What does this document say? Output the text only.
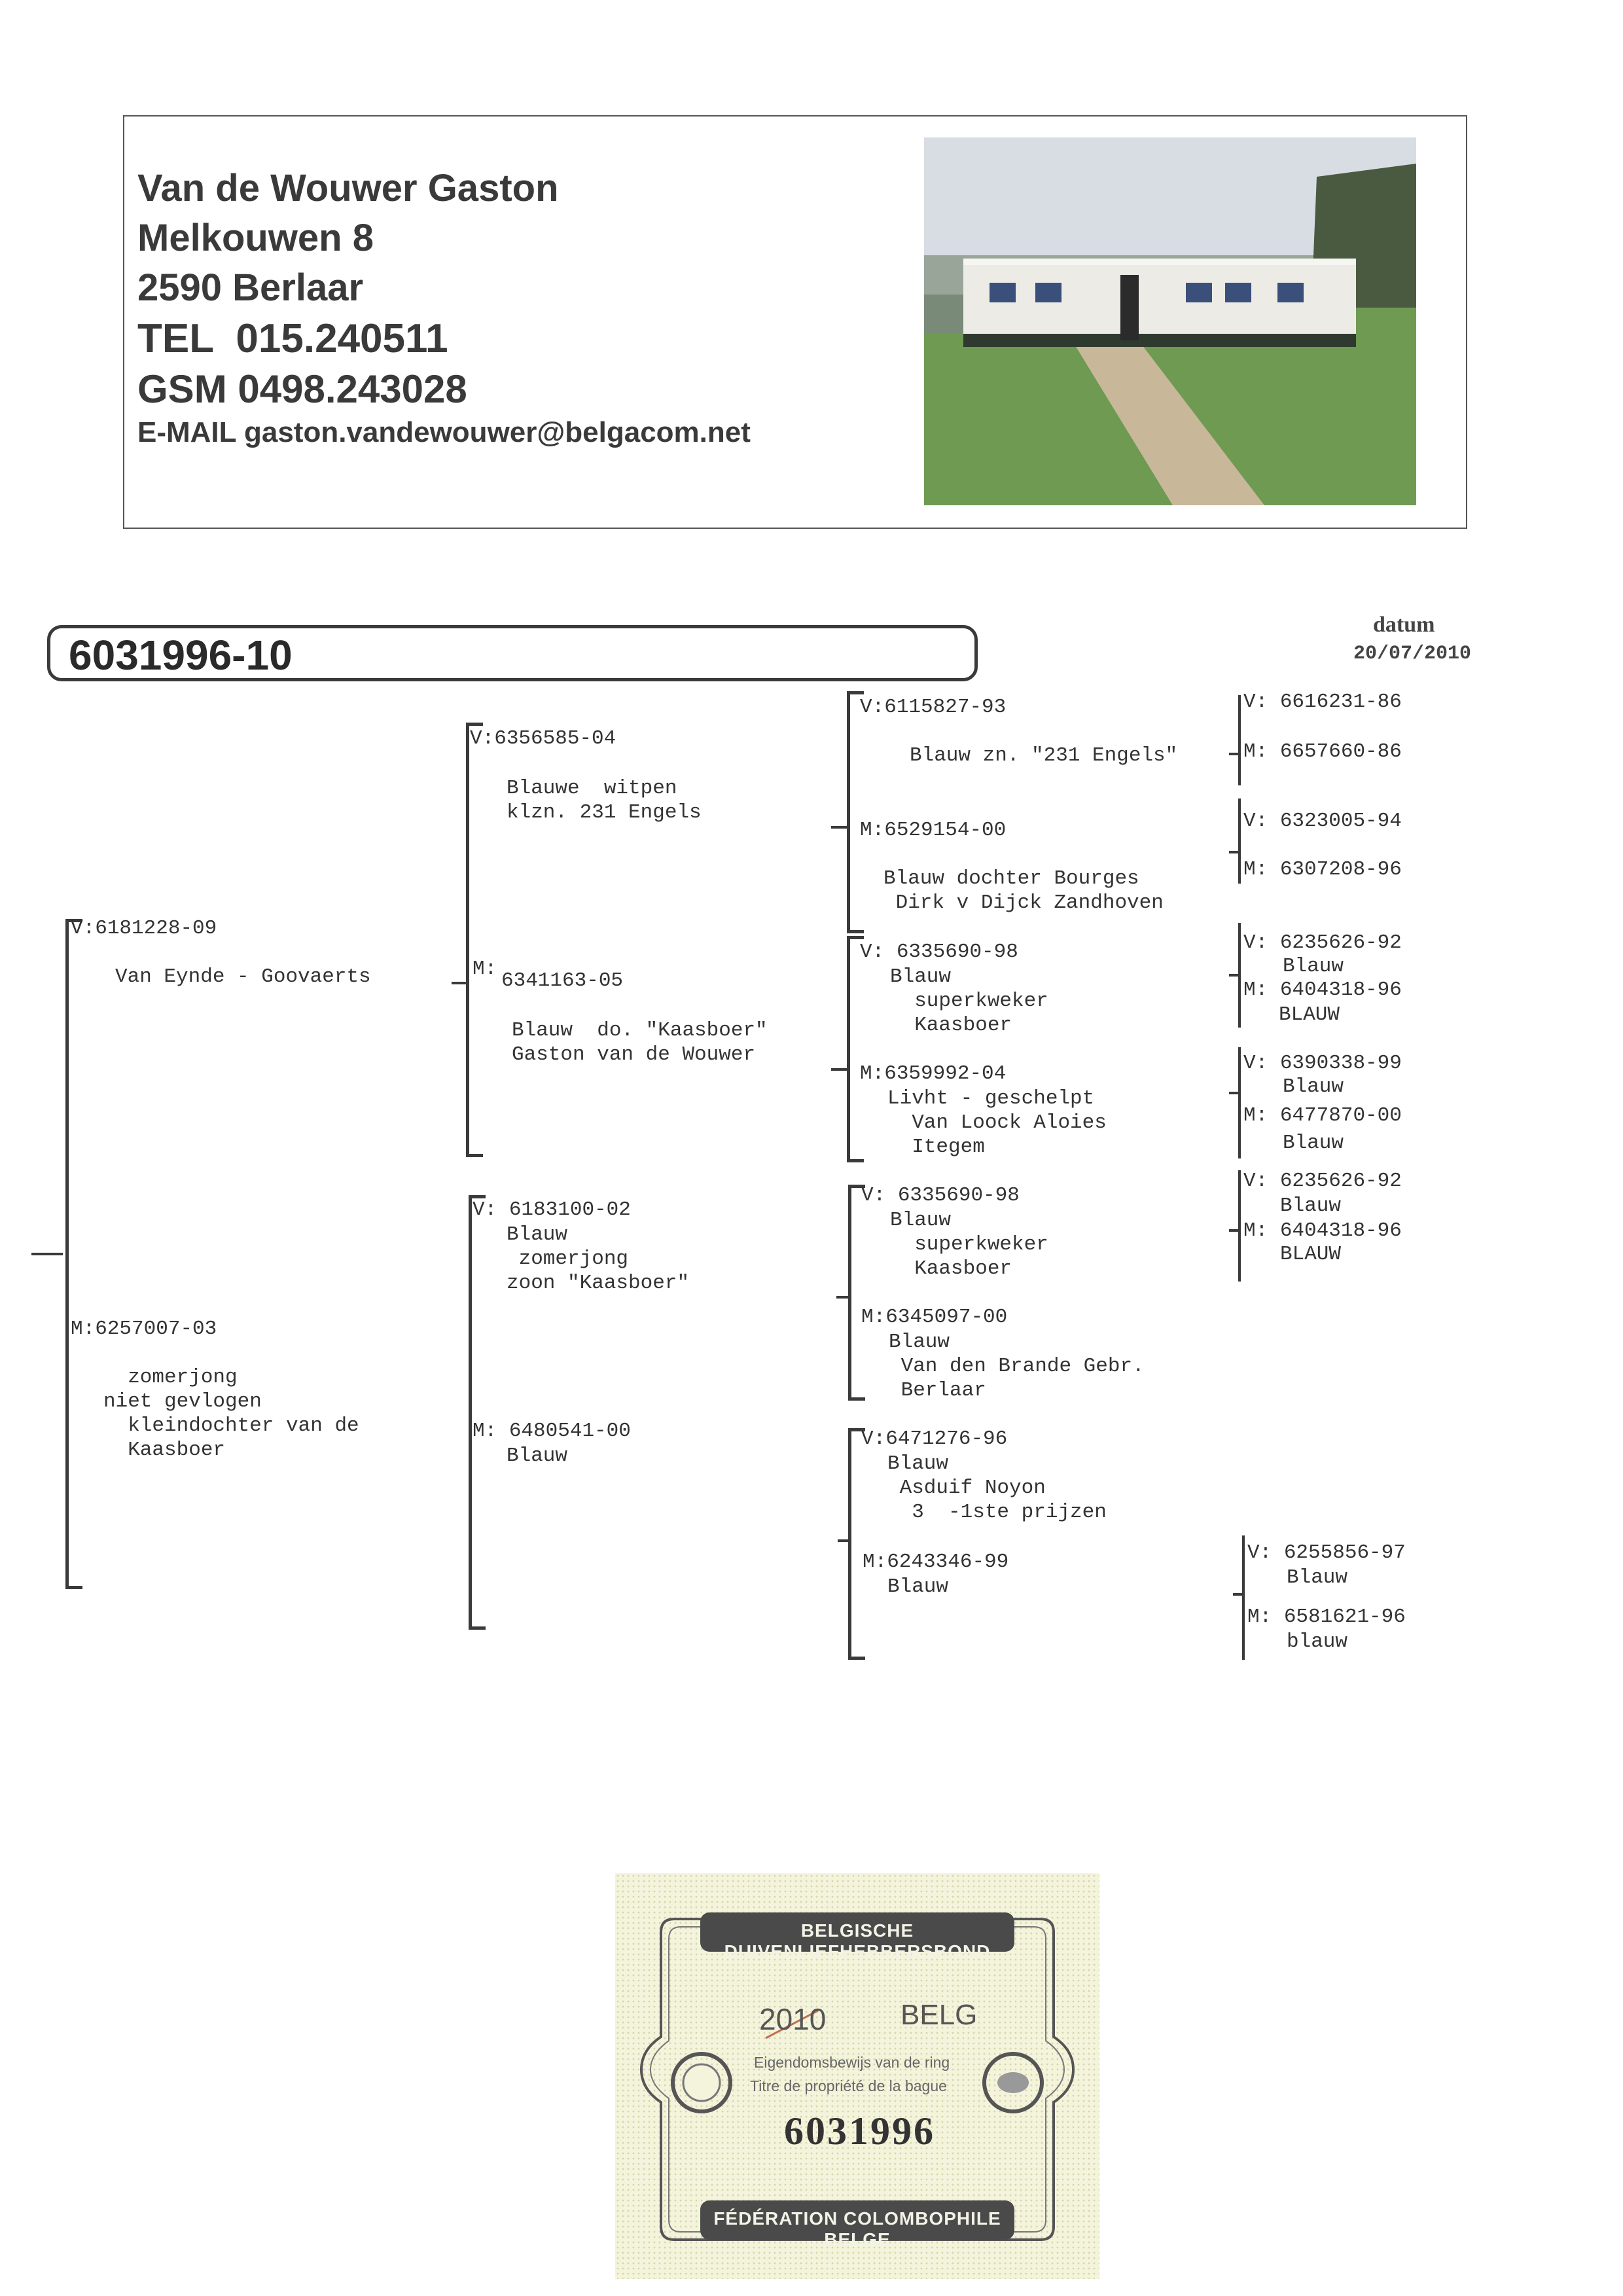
Van de Wouwer Gaston
Melkouwen 8
2590 Berlaar
TEL  015.240511
GSM 0498.243028
E-MAIL gaston.vandewouwer@belgacom.net
6031996-10
datum
20/07/2010
V:6181228-09
Van Eynde - Goovaerts
M:6257007-03
zomerjong
niet gevlogen
kleindochter van de
Kaasboer
V:6356585-04
Blauwe  witpen
klzn. 231 Engels
M:
6341163-05
Blauw  do. "Kaasboer"
Gaston van de Wouwer
V: 6183100-02
Blauw
zomerjong
zoon "Kaasboer"
M: 6480541-00
Blauw
V:6115827-93
Blauw zn. "231 Engels"
M:6529154-00
Blauw dochter Bourges
Dirk v Dijck Zandhoven
V: 6335690-98
Blauw
superkweker
Kaasboer
M:6359992-04
Livht - geschelpt
Van Loock Aloies
Itegem
V: 6335690-98
Blauw
superkweker
Kaasboer
M:6345097-00
Blauw
Van den Brande Gebr.
Berlaar
V:6471276-96
Blauw
Asduif Noyon
3  -1ste prijzen
M:6243346-99
Blauw
V: 6616231-86
M: 6657660-86
V: 6323005-94
M: 6307208-96
V: 6235626-92
Blauw
M: 6404318-96
BLAUW
V: 6390338-99
Blauw
M: 6477870-00
Blauw
V: 6235626-92
Blauw
M: 6404318-96
BLAUW
V: 6255856-97
Blauw
M: 6581621-96
blauw
BELGISCHE DUIVENLIEFHEBBERSBOND
2010	BELG
Eigendomsbewijs van de ring
Titre de propriété de la bague
6031996
FÉDÉRATION COLOMBOPHILE BELGE
